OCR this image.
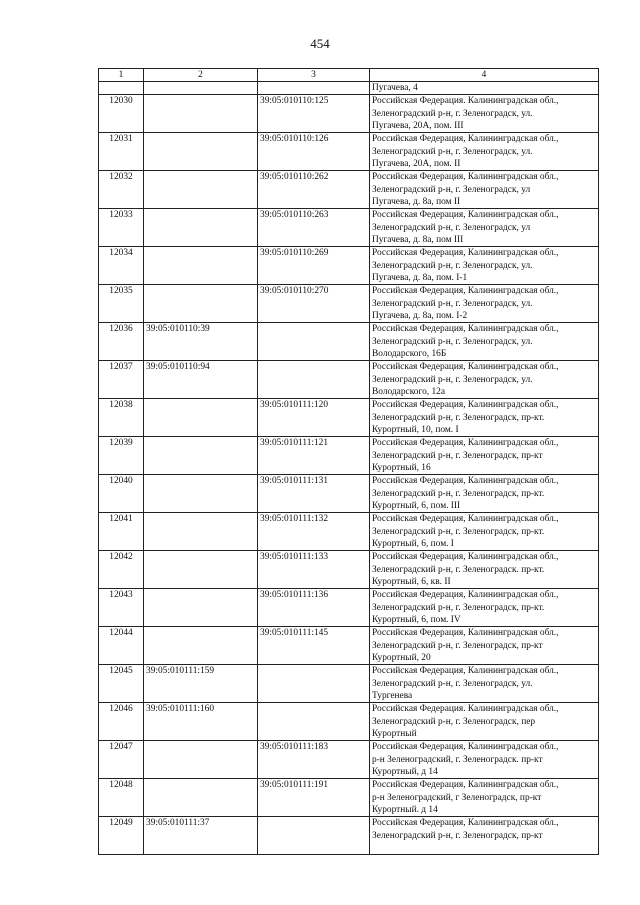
454
1	2	3	4

			Пугачева, 4

12030		39:05:010110:125	Российская Федерация. Калининградская обл.,
Зеленоградский р-н, г. Зеленоградск, ул.
Пугачева, 20А, пом. III

12031		39:05:010110:126	Российская Федерация, Калининградская обл.,
Зеленоградский р-н, г. Зеленоградск, ул.
Пугачева, 20А, пом. II

12032		39:05:010110:262	Российская Федерация, Калининградская обл.,
Зеленоградский р-н, г. Зеленоградск, ул
Пугачева, д. 8а, пом II

12033		39:05:010110:263	Российская Федерация, Калининградская обл.,
Зеленоградский р-н, г. Зеленоградск, ул
Пугачева, д. 8а, пом III

12034		39:05:010110:269	Российская Федерация, Калининградская обл.,
Зеленоградский р-н, г. Зеленоградск, ул.
Пугачева, д. 8а, пом. I-1

12035		39:05:010110:270	Российская Федерация, Калининградская обл.,
Зеленоградский р-н, г. Зеленоградск, ул.
Пугачева, д. 8а, пом. I-2

12036	39:05:010110:39		Российская Федерация, Калининградская обл.,
Зеленоградский р-н, г. Зеленоградск, ул.
Володарского, 16Б

12037	39:05:010110:94		Российская Федерация, Калининградская обл.,
Зеленоградский р-н, г. Зеленоградск, ул.
Володарского, 12а

12038		39:05:010111:120	Российская Федерация, Калининградская обл.,
Зеленоградский р-н, г. Зеленоградск, пр-кт.
Курортный, 10, пом. I

12039		39:05:010111:121	Российская Федерация, Калининградская обл.,
Зеленоградский р-н, г. Зеленоградск, пр-кт
Курортный, 16

12040		39:05:010111:131	Российская Федерация, Калининградская обл.,
Зеленоградский р-н, г. Зеленоградск, пр-кт.
Курортный, 6, пом. III

12041		39:05:010111:132	Российская Федерация, Калининградская обл.,
Зеленоградский р-н, г. Зеленоградск, пр-кт.
Курортный, 6, пом. I

12042		39:05:010111:133	Российская Федерация, Калининградская обл.,
Зеленоградский р-н, г. Зеленоградск. пр-кт.
Курортный, 6, кв. II

12043		39:05:010111:136	Российская Федерация, Калининградская обл.,
Зеленоградский р-н, г. Зеленоградск, пр-кт.
Курортный, 6, пом. IV

12044		39:05:010111:145	Российская Федерация, Калининградская обл.,
Зеленоградский р-н, г. Зеленоградск, пр-кт
Курортный, 20

12045	39:05:010111:159		Российская Федерация, Калининградская обл.,
Зеленоградский р-н, г. Зеленоградск, ул.
Тургенева

12046	39:05:010111:160		Российская Федерация. Калининградская обл.,
Зеленоградский р-н, г. Зеленоградск, пер
Курортный

12047		39:05:010111:183	Российская Федерация, Калининградская обл.,
р-н Зеленоградский, г. Зеленоградск. пр-кт
Курортный, д 14

12048		39:05:010111:191	Российская Федерация, Калининградская обл.,
р-н Зеленоградский, г Зеленоградск, пр-кт
Курортный. д 14

12049	39:05:010111:37		Российская Федерация, Калининградская обл.,
Зеленоградский р-н, г. Зеленоградск, пр-кт
